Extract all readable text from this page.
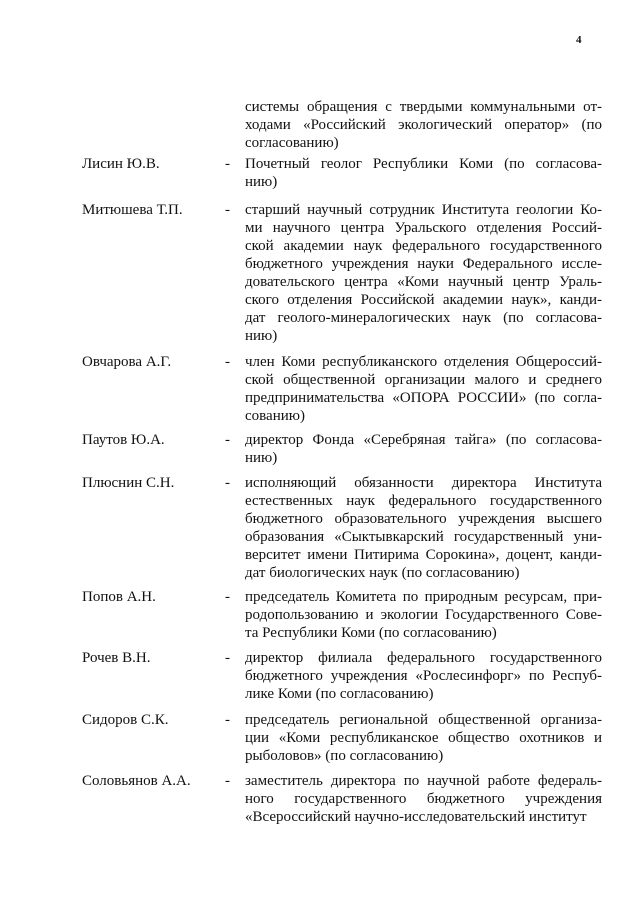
4
системы обращения с твердыми коммунальными от-
ходами «Российский экологический оператор» (по
согласованию)
Лисин Ю.В.	- Почетный геолог Республики Коми (по согласова-
нию)
Митюшева Т.П.	- старший научный сотрудник Института геологии Ко-
ми научного центра Уральского отделения Россий-
ской академии наук федерального государственного
бюджетного учреждения науки Федерального иссле-
довательского центра «Коми научный центр Ураль-
ского отделения Российской академии наук», канди-
дат геолого-минералогических наук (по согласова-
нию)
Овчарова А.Г.	- член Коми республиканского отделения Общероссий-
ской общественной организации малого и среднего
предпринимательства «ОПОРА РОССИИ» (по согла-
сованию)
Паутов Ю.А.	- директор Фонда «Серебряная тайга» (по согласова-
нию)
Плюснин С.Н.	- исполняющий обязанности директора Института
естественных наук федерального государственного
бюджетного образовательного учреждения высшего
образования «Сыктывкарский государственный уни-
верситет имени Питирима Сорокина», доцент, канди-
дат биологических наук (по согласованию)
Попов А.Н.	- председатель Комитета по природным ресурсам, при-
родопользованию и экологии Государственного Сове-
та Республики Коми (по согласованию)
Рочев В.Н.	- директор филиала федерального государственного
бюджетного учреждения «Рослесинфорг» по Респуб-
лике Коми (по согласованию)
Сидоров С.К.	- председатель региональной общественной организа-
ции «Коми республиканское общество охотников и
рыболовов» (по согласованию)
Соловьянов А.А. - заместитель директора по научной работе федераль-
ного государственного бюджетного учреждения
«Всероссийский научно-исследовательский институт
